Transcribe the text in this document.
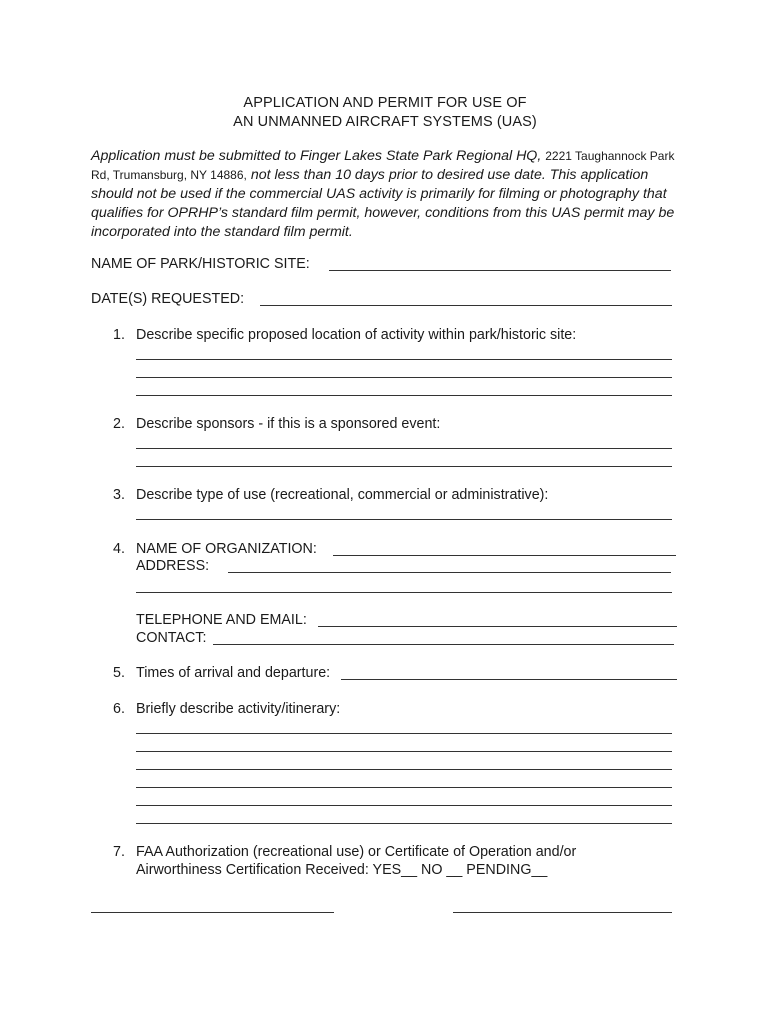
APPLICATION AND PERMIT FOR USE OF
AN UNMANNED AIRCRAFT SYSTEMS (UAS)
Application must be submitted to Finger Lakes State Park Regional HQ, 2221 Taughannock Park Rd, Trumansburg, NY 14886, not less than 10 days prior to desired use date. This application should not be used if the commercial UAS activity is primarily for filming or photography that qualifies for OPRHP’s standard film permit, however, conditions from this UAS permit may be incorporated into the standard film permit.
NAME OF PARK/HISTORIC SITE:
DATE(S) REQUESTED:
1. Describe specific proposed location of activity within park/historic site:
2. Describe sponsors - if this is a sponsored event:
3. Describe type of use (recreational, commercial or administrative):
4. NAME OF ORGANIZATION:
ADDRESS:
TELEPHONE AND EMAIL:
CONTACT:
5. Times of arrival and departure:
6. Briefly describe activity/itinerary:
7. FAA Authorization (recreational use) or Certificate of Operation and/or
Airworthiness Certification Received: YES__ NO __ PENDING__
